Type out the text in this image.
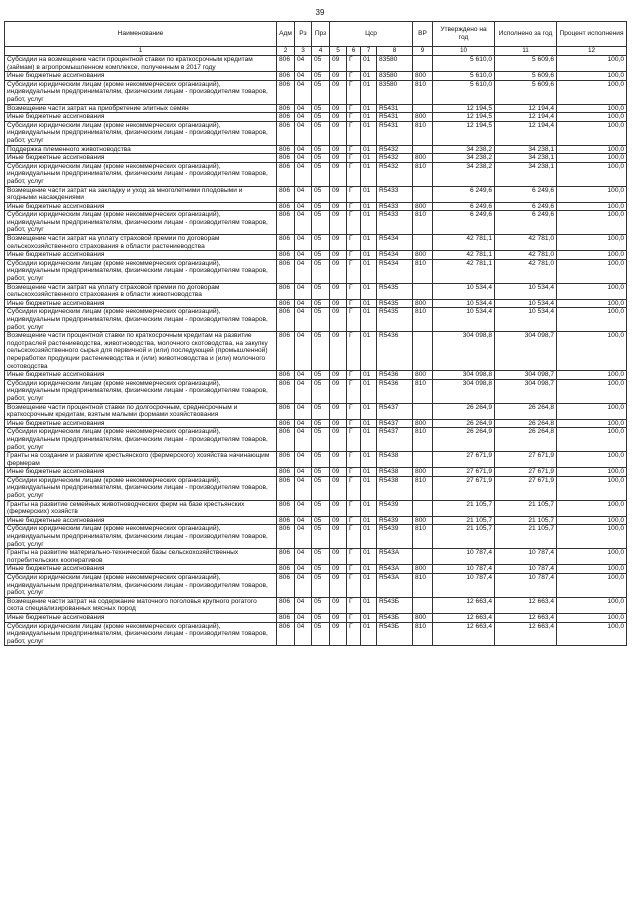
39
Наименование	Адм	Рз	Прз	Цср				ВР	Утверждено на год	Исполнено за год	Процент исполнения
1	2	3	4	5	6	7	8	9	10	11	12
Субсидии на возмещение части процентной ставки по краткосрочным кредитам (займам) в агропромышленном комплексе, полученным в 2017 году	806	04	05	09	Г	01	83580		5 610,0	5 609,6	100,0
Иные бюджетные ассигнования	806	04	05	09	Г	01	83580	800	5 610,0	5 609,6	100,0
Субсидии юридическим лицам (кроме некоммерческих организаций), индивидуальным предпринимателям, физическим лицам - производителям товаров, работ, услуг	806	04	05	09	Г	01	83580	810	5 610,0	5 609,6	100,0
Возмещение части затрат на приобретение элитных семян	806	04	05	09	Г	01	R5431		12 194,5	12 194,4	100,0
Иные бюджетные ассигнования	806	04	05	09	Г	01	R5431	800	12 194,5	12 194,4	100,0
Субсидии юридическим лицам (кроме некоммерческих организаций), индивидуальным предпринимателям, физическим лицам - производителям товаров, работ, услуг	806	04	05	09	Г	01	R5431	810	12 194,5	12 194,4	100,0
Поддержка племенного животноводства	806	04	05	09	Г	01	R5432		34 238,2	34 238,1	100,0
Иные бюджетные ассигнования	806	04	05	09	Г	01	R5432	800	34 238,2	34 238,1	100,0
Субсидии юридическим лицам (кроме некоммерческих организаций), индивидуальным предпринимателям, физическим лицам - производителям товаров, работ, услуг	806	04	05	09	Г	01	R5432	810	34 238,2	34 238,1	100,0
Возмещение части затрат на закладку и уход за многолетними плодовыми и ягодными насаждениями	806	04	05	09	Г	01	R5433		6 249,6	6 249,6	100,0
Иные бюджетные ассигнования	806	04	05	09	Г	01	R5433	800	6 249,6	6 249,6	100,0
Субсидии юридическим лицам (кроме некоммерческих организаций), индивидуальным предпринимателям, физическим лицам - производителям товаров, работ, услуг	806	04	05	09	Г	01	R5433	810	6 249,6	6 249,6	100,0
Возмещение части затрат на уплату страховой премии по договорам сельскохозяйственного страхования в области растениеводства	806	04	05	09	Г	01	R5434		42 781,1	42 781,0	100,0
Иные бюджетные ассигнования	806	04	05	09	Г	01	R5434	800	42 781,1	42 781,0	100,0
Субсидии юридическим лицам (кроме некоммерческих организаций), индивидуальным предпринимателям, физическим лицам - производителям товаров, работ, услуг	806	04	05	09	Г	01	R5434	810	42 781,1	42 781,0	100,0
Возмещение части затрат на уплату страховой премии по договорам сельскохозяйственного страхования в области животноводства	806	04	05	09	Г	01	R5435		10 534,4	10 534,4	100,0
Иные бюджетные ассигнования	806	04	05	09	Г	01	R5435	800	10 534,4	10 534,4	100,0
Субсидии юридическим лицам (кроме некоммерческих организаций), индивидуальным предпринимателям, физическим лицам - производителям товаров, работ, услуг	806	04	05	09	Г	01	R5435	810	10 534,4	10 534,4	100,0
Возмещение части процентной ставки по краткосрочным кредитам на развитие подотраслей растениеводства, животноводства, молочного скотоводства, на закупку сельскохозяйственного сырья для первичной и (или) последующей (промышленной) переработки продукции растениеводства и (или) животноводства и (или) молочного скотоводства	806	04	05	09	Г	01	R5436		304 098,8	304 098,7	100,0
Иные бюджетные ассигнования	806	04	05	09	Г	01	R5436	800	304 098,8	304 098,7	100,0
Субсидии юридическим лицам (кроме некоммерческих организаций), индивидуальным предпринимателям, физическим лицам - производителям товаров, работ, услуг	806	04	05	09	Г	01	R5436	810	304 098,8	304 098,7	100,0
Возмещение части процентной ставки по долгосрочным, среднесрочным и краткосрочным кредитам, взятым малыми формами хозяйствования	806	04	05	09	Г	01	R5437		26 264,9	26 264,8	100,0
Иные бюджетные ассигнования	806	04	05	09	Г	01	R5437	800	26 264,9	26 264,8	100,0
Субсидии юридическим лицам (кроме некоммерческих организаций), индивидуальным предпринимателям, физическим лицам - производителям товаров, работ, услуг	806	04	05	09	Г	01	R5437	810	26 264,9	26 264,8	100,0
Гранты на создание и развитие крестьянского (фермерского) хозяйства начинающим фермерам	806	04	05	09	Г	01	R5438		27 671,9	27 671,9	100,0
Иные бюджетные ассигнования	806	04	05	09	Г	01	R5438	800	27 671,9	27 671,9	100,0
Субсидии юридическим лицам (кроме некоммерческих организаций), индивидуальным предпринимателям, физическим лицам - производителям товаров, работ, услуг	806	04	05	09	Г	01	R5438	810	27 671,9	27 671,9	100,0
Гранты на развитие семейных животноводческих ферм на базе крестьянских (фермерских) хозяйств	806	04	05	09	Г	01	R5439		21 105,7	21 105,7	100,0
Иные бюджетные ассигнования	806	04	05	09	Г	01	R5439	800	21 105,7	21 105,7	100,0
Субсидии юридическим лицам (кроме некоммерческих организаций), индивидуальным предпринимателям, физическим лицам - производителям товаров, работ, услуг	806	04	05	09	Г	01	R5439	810	21 105,7	21 105,7	100,0
Гранты на развитие материально-технической базы сельскохозяйственных потребительских кооперативов	806	04	05	09	Г	01	R543A		10 787,4	10 787,4	100,0
Иные бюджетные ассигнования	806	04	05	09	Г	01	R543A	800	10 787,4	10 787,4	100,0
Субсидии юридическим лицам (кроме некоммерческих организаций), индивидуальным предпринимателям, физическим лицам - производителям товаров, работ, услуг	806	04	05	09	Г	01	R543A	810	10 787,4	10 787,4	100,0
Возмещение части затрат на содержание маточного поголовья крупного рогатого скота специализированных мясных пород	806	04	05	09	Г	01	R543Б		12 663,4	12 663,4	100,0
Иные бюджетные ассигнования	806	04	05	09	Г	01	R543Б	800	12 663,4	12 663,4	100,0
Субсидии юридическим лицам (кроме некоммерческих организаций), индивидуальным предпринимателям, физическим лицам - производителям товаров, работ, услуг	806	04	05	09	Г	01	R543Б	810	12 663,4	12 663,4	100,0
